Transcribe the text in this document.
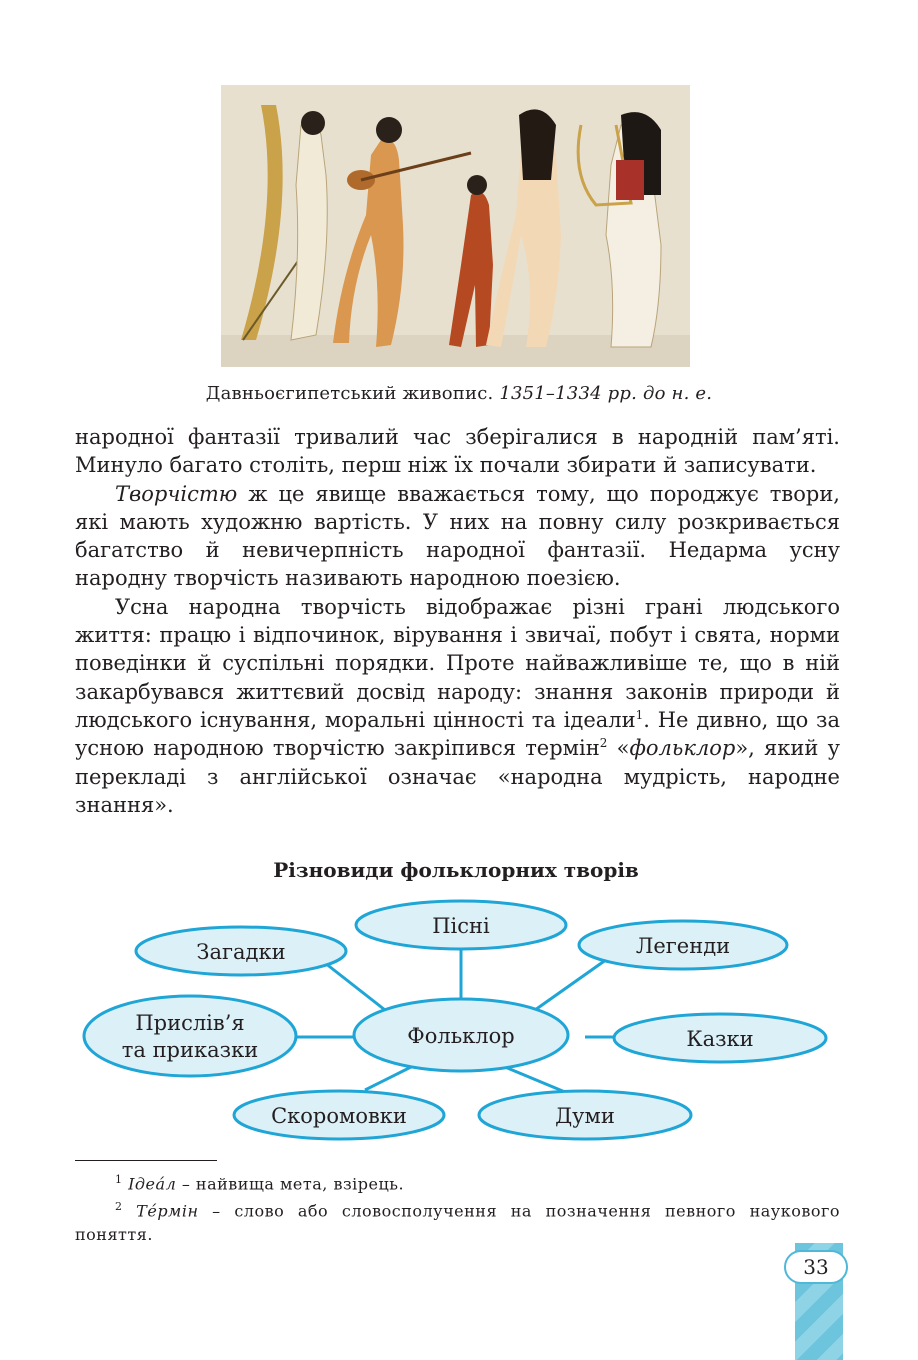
Давньоєгипетський живопис. 1351–1334 рр. до н. е.

народної фантазії тривалий час зберігалися в народній пам’яті. Минуло багато століть, перш ніж їх почали збирати й записувати.

Творчістю ж це явище вважається тому, що породжує твори, які мають художню вартість. У них на повну силу розкривається багатство й невичерпність народної фантазії. Недарма усну народну творчість називають народною поезією.

Усна народна творчість відображає різні грані людського життя: працю і відпочинок, вірування і звичаї, побут і свята, норми поведінки й суспільні порядки. Проте найважливіше те, що в ній закарбувався життєвий досвід народу: знання законів природи й людського існування, моральні цінності та ідеали$^1$. Не дивно, що за усною народною творчістю закріпився термін$^2$ «фольклор», який у перекладі з англійської означає «народна мудрість, народне знання».

Різновиди фольклорних творів
Пісні
Загадки	Легенди
Прислів’я
та приказки
Фольклор	Казки
Скоромовки	Думи

$^1$ Ідеа́л – найвища мета, взірець.

$^2$ Те́рмін – слово або словосполучення на позначення певного наукового поняття.

33
